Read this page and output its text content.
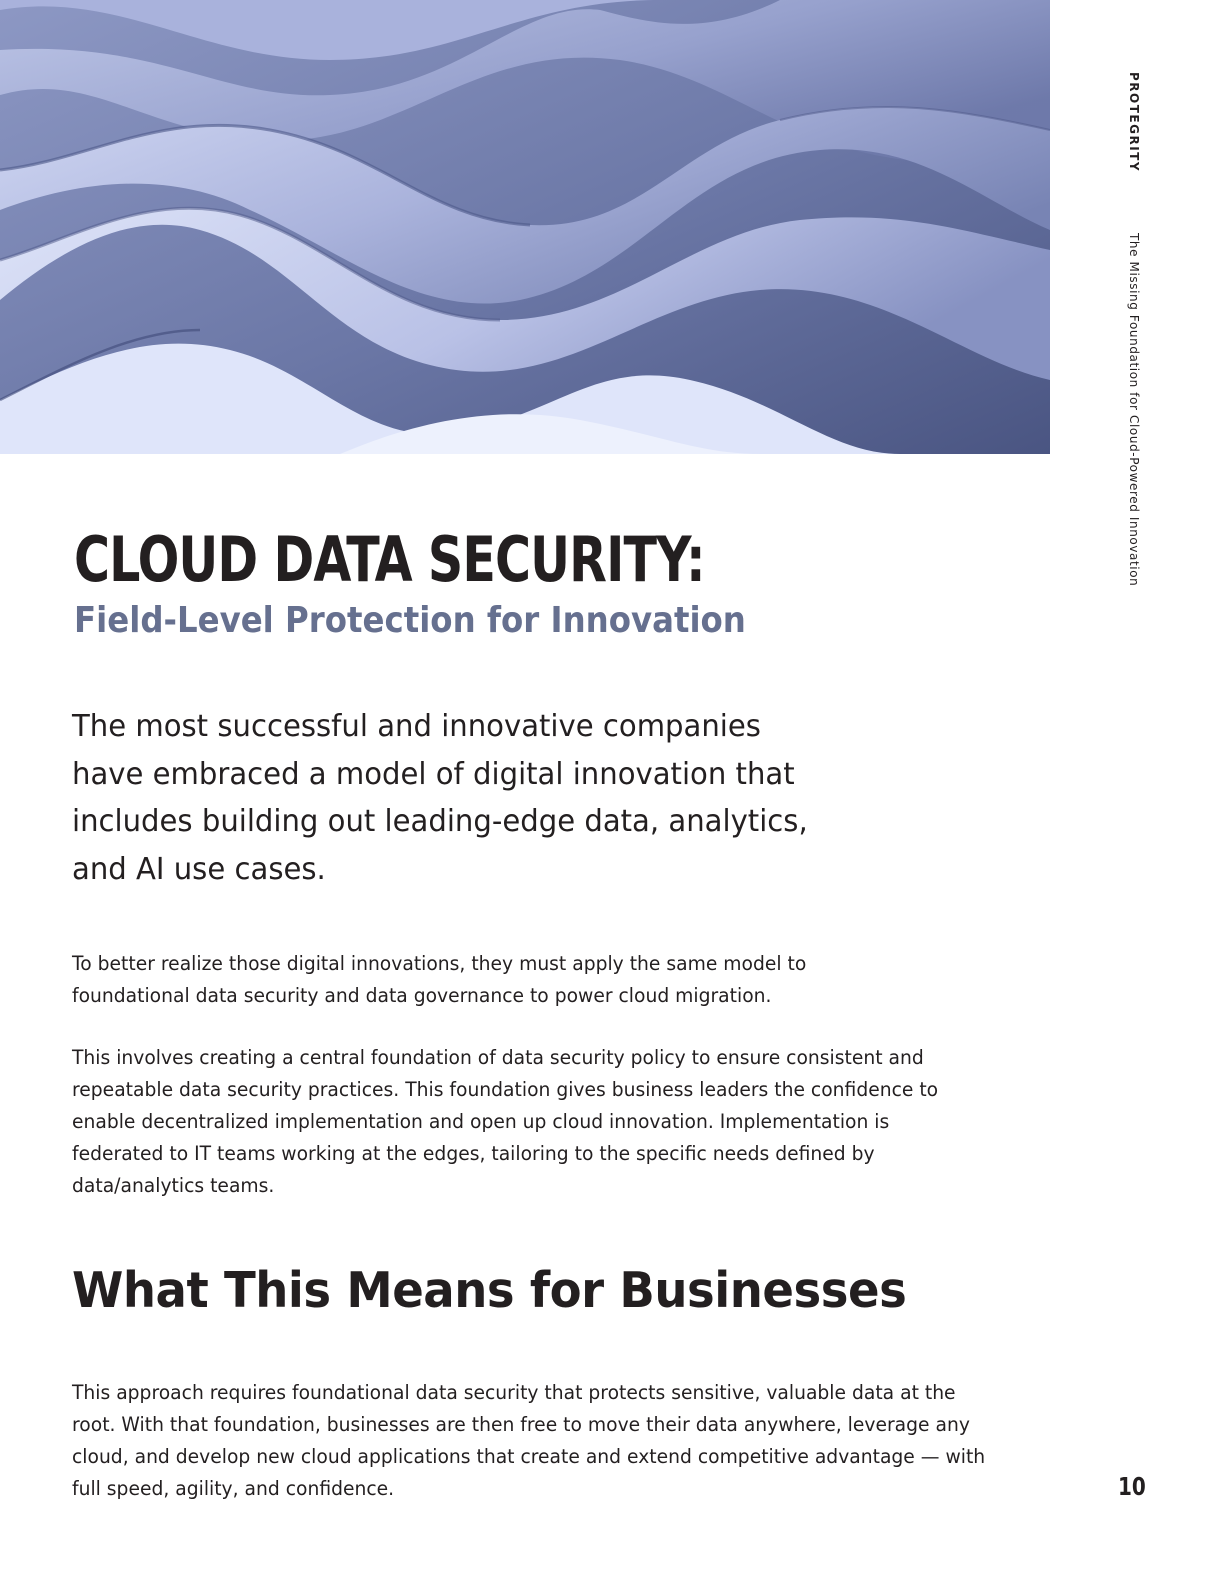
PROTEGRITY
The Missing Foundation for Cloud-Powered Innovation
CLOUD DATA SECURITY:
Field-Level Protection for Innovation

The most successful and innovative companies
have embraced a model of digital innovation that
includes building out leading-edge data, analytics,
and AI use cases.

To better realize those digital innovations, they must apply the same model to foundational data security and data governance to power cloud migration.

This involves creating a central foundation of data security policy to ensure consistent and repeatable data security practices. This foundation gives business leaders the confidence to enable decentralized implementation and open up cloud innovation. Implementation is federated to IT teams working at the edges, tailoring to the specific needs defined by data/analytics teams.

What This Means for Businesses

This approach requires foundational data security that protects sensitive, valuable data at the root. With that foundation, businesses are then free to move their data anywhere, leverage any cloud, and develop new cloud applications that create and extend competitive advantage — with full speed, agility, and confidence.	10
